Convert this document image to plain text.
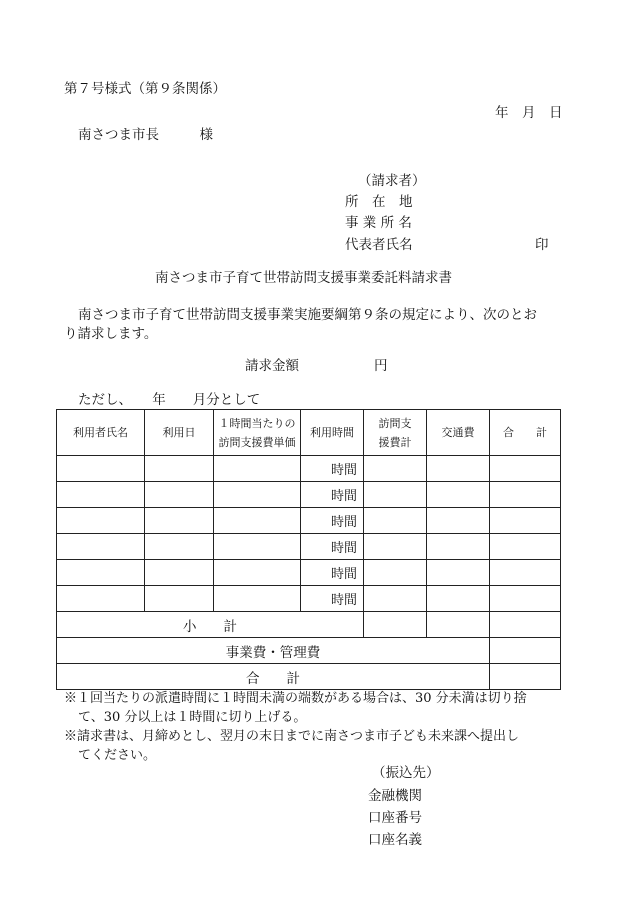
第７号様式（第９条関係）
年　月　日
南さつま市長　　　様
（請求者）
所　在　地
事 業 所 名
代表者氏名	印
南さつま市子育て世帯訪問支援事業委託料請求書
南さつま市子育て世帯訪問支援事業実施要綱第９条の規定により、次のとお
り請求します。
請求金額	円
ただし、　　年　　月分として
利用者氏名	利用日	１時間当たりの
訪問支援費単価	利用時間	訪問支
援費計	交通費	合　　計
			時間			
			時間			
			時間			
			時間			
			時間			
			時間			
小　　計						
事業費・管理費						
合　　計						
※１回当たりの派遣時間に１時間未満の端数がある場合は、30 分未満は切り捨
て、30 分以上は１時間に切り上げる。
※請求書は、月締めとし、翌月の末日までに南さつま市子ども未来課へ提出し
てください。
（振込先）
金融機関
口座番号
口座名義
